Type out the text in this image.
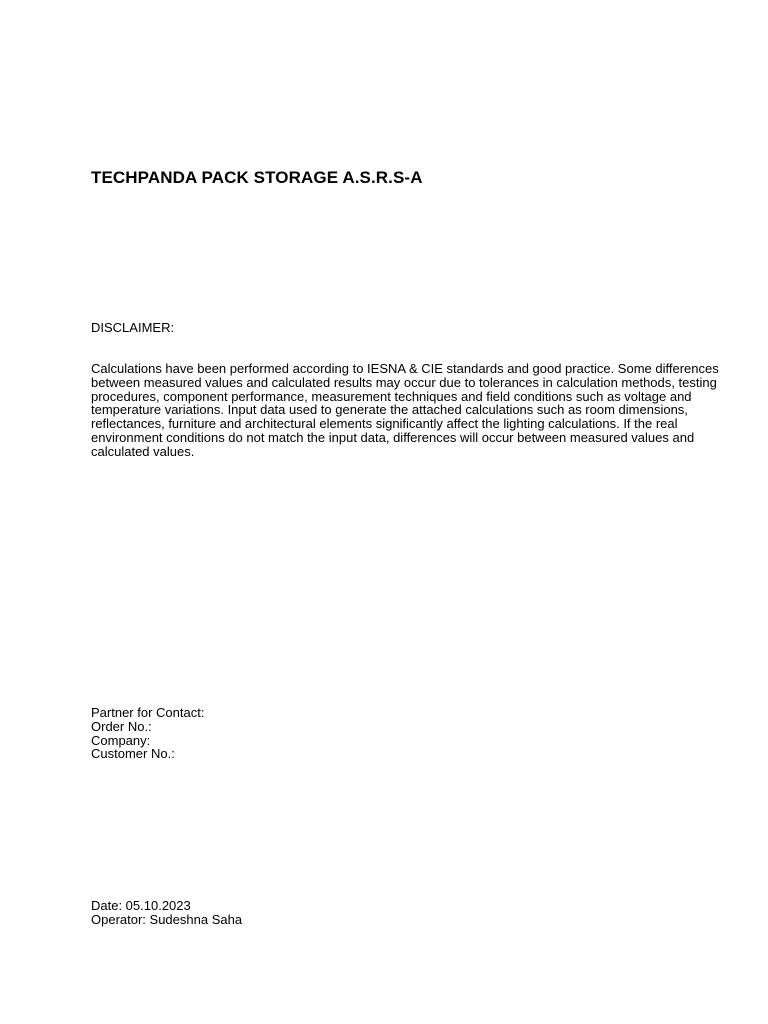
TECHPANDA PACK STORAGE A.S.R.S-A
DISCLAIMER:

Calculations have been performed according to IESNA & CIE standards and good practice. Some differences
between measured values and calculated results may occur due to tolerances in calculation methods, testing
procedures, component performance, measurement techniques and field conditions such as voltage and
temperature variations. Input data used to generate the attached calculations such as room dimensions,
reflectances, furniture and architectural elements significantly affect the lighting calculations. If the real
environment conditions do not match the input data, differences will occur between measured values and
calculated values.

Partner for Contact:
Order No.:
Company:
Customer No.:
Date: 05.10.2023
Operator: Sudeshna Saha
